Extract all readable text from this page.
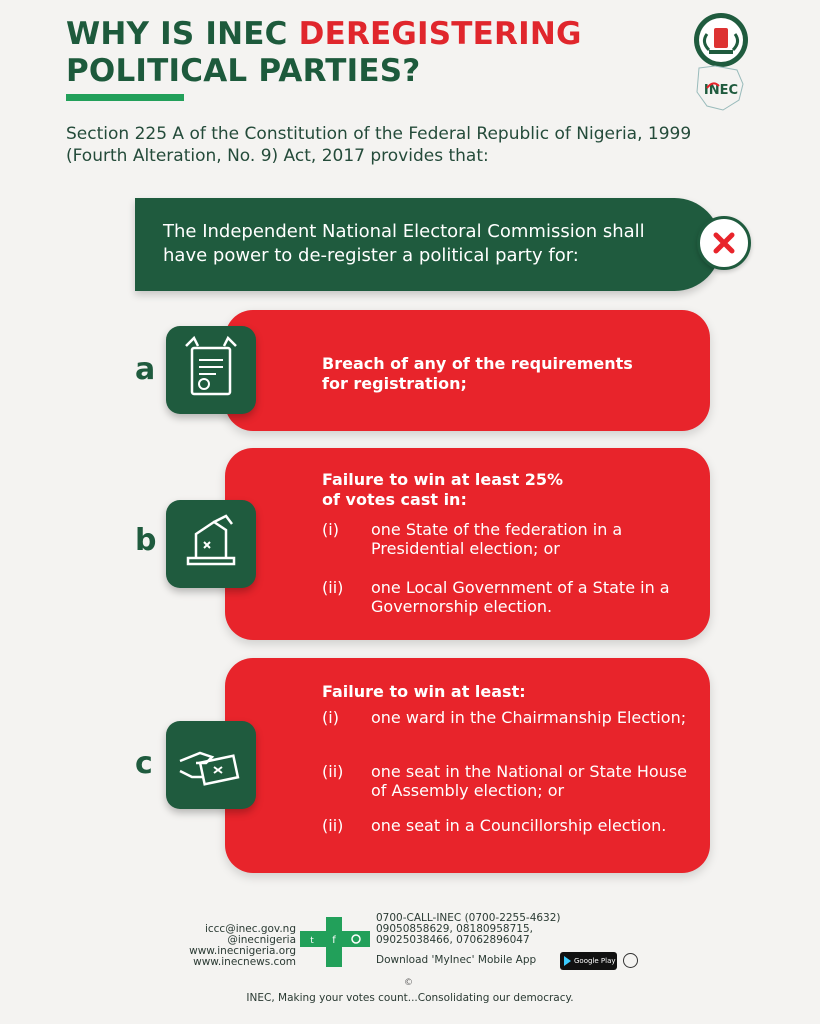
WHY IS INEC DEREGISTERING
POLITICAL PARTIES?
INEC
Section 225 A of the Constitution of the Federal Republic of Nigeria, 1999 (Fourth Alteration, No. 9) Act, 2017 provides that:
The Independent National Electoral Commission shall have power to de-register a political party for:
a	Breach of any of the requirements for registration;
b
Failure to win at least 25% of votes cast in:
(i) one State of the federation in a Presidential election; or
(ii) one Local Government of a State in a Governorship election.
c
Failure to win at least:
(i) one ward in the Chairmanship Election;
(ii) one seat in the National or State House of Assembly election; or
(ii) one seat in a Councillorship election.
iccc@inec.gov.ng
@inecnigeria
www.inecnigeria.org
www.inecnews.com
f
t
0700-CALL-INEC (0700-2255-4632)
09050858629, 08180958715,
09025038466, 07062896047
Download 'MyInec' Mobile App	Google Play
©
INEC, Making your votes count...Consolidating our democracy.
